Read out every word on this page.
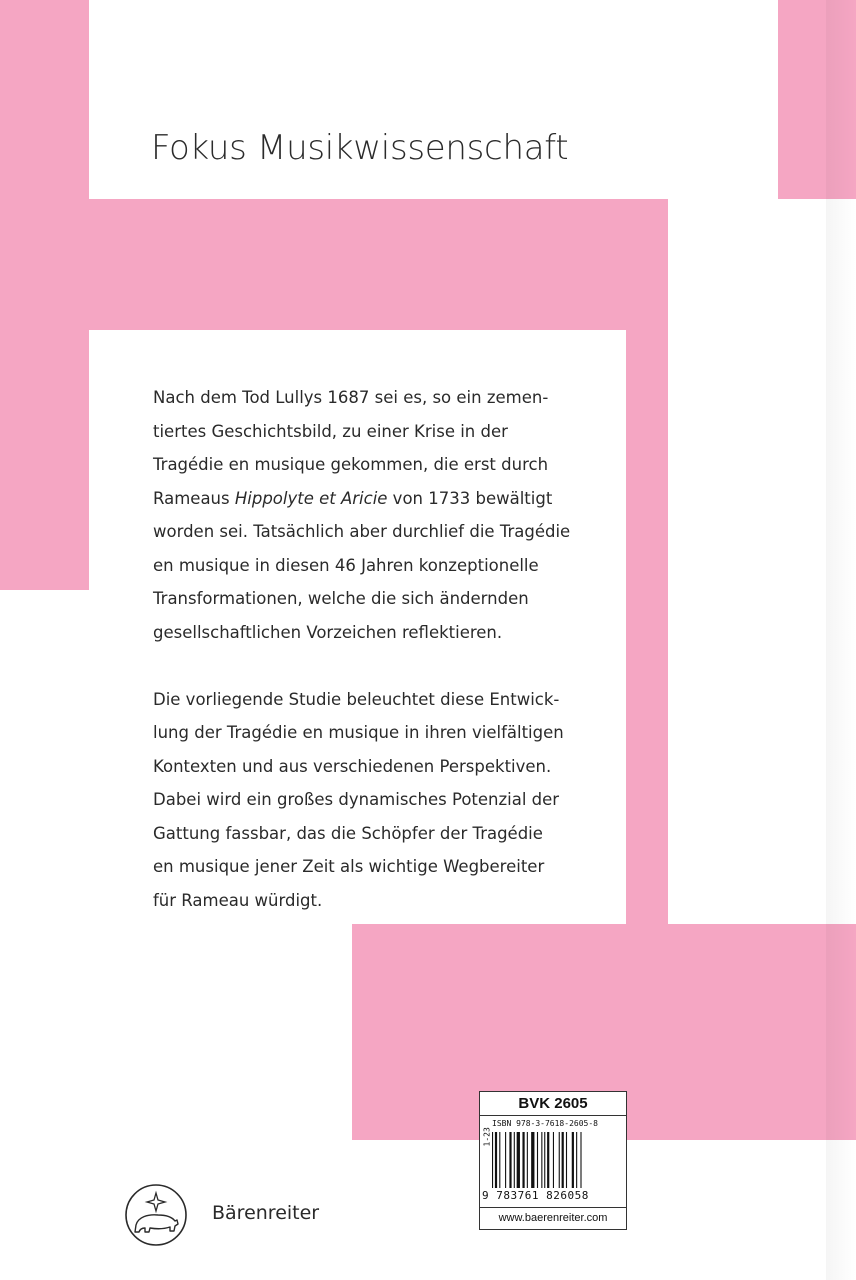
Fokus Musikwissenschaft
Nach dem Tod Lullys 1687 sei es, so ein zemen-
tiertes Geschichtsbild, zu einer Krise in der
Tragédie en musique gekommen, die erst durch
Rameaus Hippolyte et Aricie von 1733 bewältigt
worden sei. Tatsächlich aber durchlief die Tragédie
en musique in diesen 46 Jahren konzeptionelle
Transformationen, welche die sich ändernden
gesellschaftlichen Vorzeichen reflektieren.
Die vorliegende Studie beleuchtet diese Entwick-
lung der Tragédie en musique in ihren vielfältigen
Kontexten und aus verschiedenen Perspektiven.
Dabei wird ein großes dynamisches Potenzial der
Gattung fassbar, das die Schöpfer der Tragédie
en musique jener Zeit als wichtige Wegbereiter
für Rameau würdigt.
BVK 2605
ISBN 978-3-7618-2605-8
1-23
9 783761 826058
www.baerenreiter.com
Bärenreiter
